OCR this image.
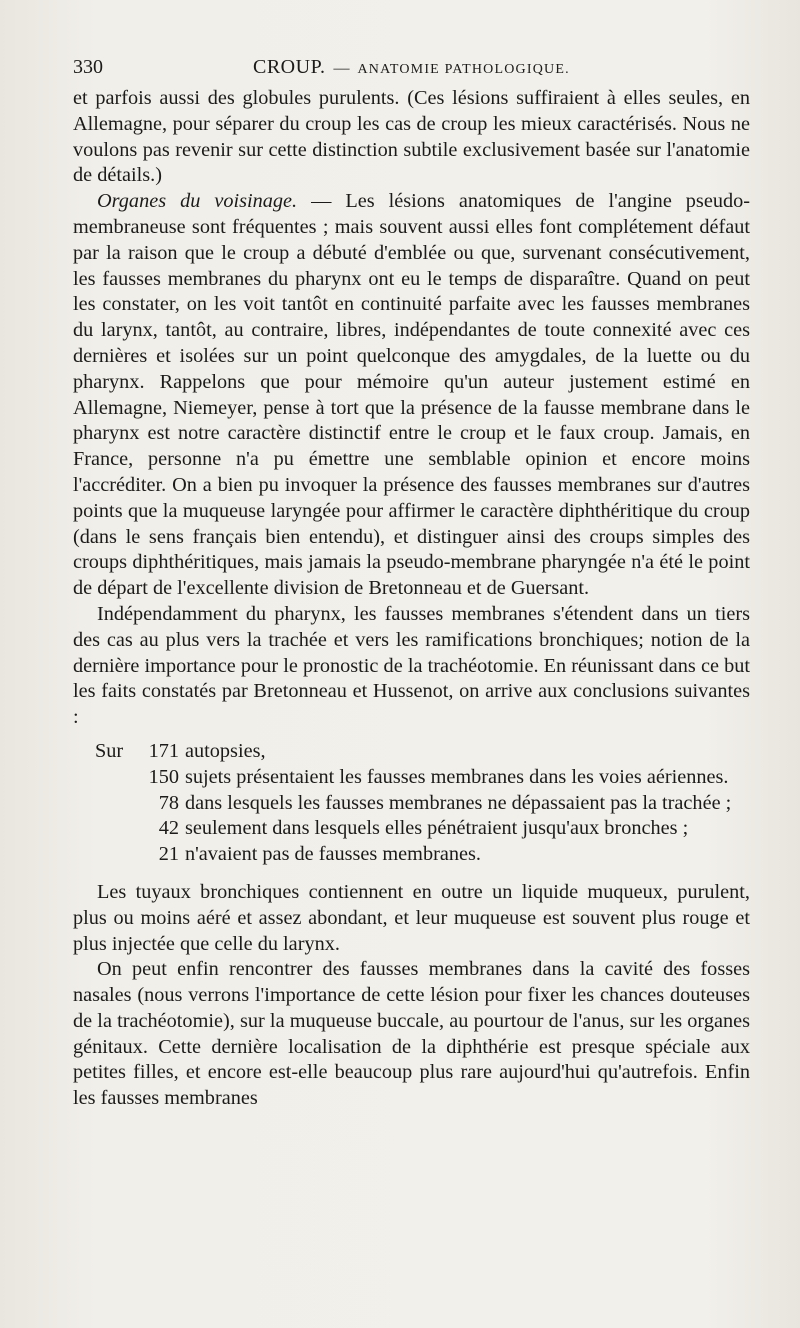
330	CROUP. — ANATOMIE PATHOLOGIQUE.

et parfois aussi des globules purulents. (Ces lésions suffiraient à elles seules, en Allemagne, pour séparer du croup les cas de croup les mieux caractérisés. Nous ne voulons pas revenir sur cette distinction subtile exclusivement basée sur l'anatomie de détails.)

Organes du voisinage. — Les lésions anatomiques de l'angine pseudo-membraneuse sont fréquentes ; mais souvent aussi elles font complétement défaut par la raison que le croup a débuté d'emblée ou que, survenant consécutivement, les fausses membranes du pharynx ont eu le temps de disparaître. Quand on peut les constater, on les voit tantôt en continuité parfaite avec les fausses membranes du larynx, tantôt, au contraire, libres, indépendantes de toute connexité avec ces dernières et isolées sur un point quelconque des amygdales, de la luette ou du pharynx. Rappelons que pour mémoire qu'un auteur justement estimé en Allemagne, Niemeyer, pense à tort que la présence de la fausse membrane dans le pharynx est notre caractère distinctif entre le croup et le faux croup. Jamais, en France, personne n'a pu émettre une semblable opinion et encore moins l'accréditer. On a bien pu invoquer la présence des fausses membranes sur d'autres points que la muqueuse laryngée pour affirmer le caractère diphthéritique du croup (dans le sens français bien entendu), et distinguer ainsi des croups simples des croups diphthéritiques, mais jamais la pseudo-membrane pharyngée n'a été le point de départ de l'excellente division de Bretonneau et de Guersant.

Indépendamment du pharynx, les fausses membranes s'étendent dans un tiers des cas au plus vers la trachée et vers les ramifications bronchiques; notion de la dernière importance pour le pronostic de la trachéotomie. En réunissant dans ce but les faits constatés par Bretonneau et Hussenot, on arrive aux conclusions suivantes :

Sur	171 autopsies,
150 sujets présentaient les fausses membranes dans les voies aériennes.
78 dans lesquels les fausses membranes ne dépassaient pas la trachée ;
42 seulement dans lesquels elles pénétraient jusqu'aux bronches ;
21 n'avaient pas de fausses membranes.

Les tuyaux bronchiques contiennent en outre un liquide muqueux, purulent, plus ou moins aéré et assez abondant, et leur muqueuse est souvent plus rouge et plus injectée que celle du larynx.

On peut enfin rencontrer des fausses membranes dans la cavité des fosses nasales (nous verrons l'importance de cette lésion pour fixer les chances douteuses de la trachéotomie), sur la muqueuse buccale, au pourtour de l'anus, sur les organes génitaux. Cette dernière localisation de la diphthérie est presque spéciale aux petites filles, et encore est-elle beaucoup plus rare aujourd'hui qu'autrefois. Enfin les fausses membranes
